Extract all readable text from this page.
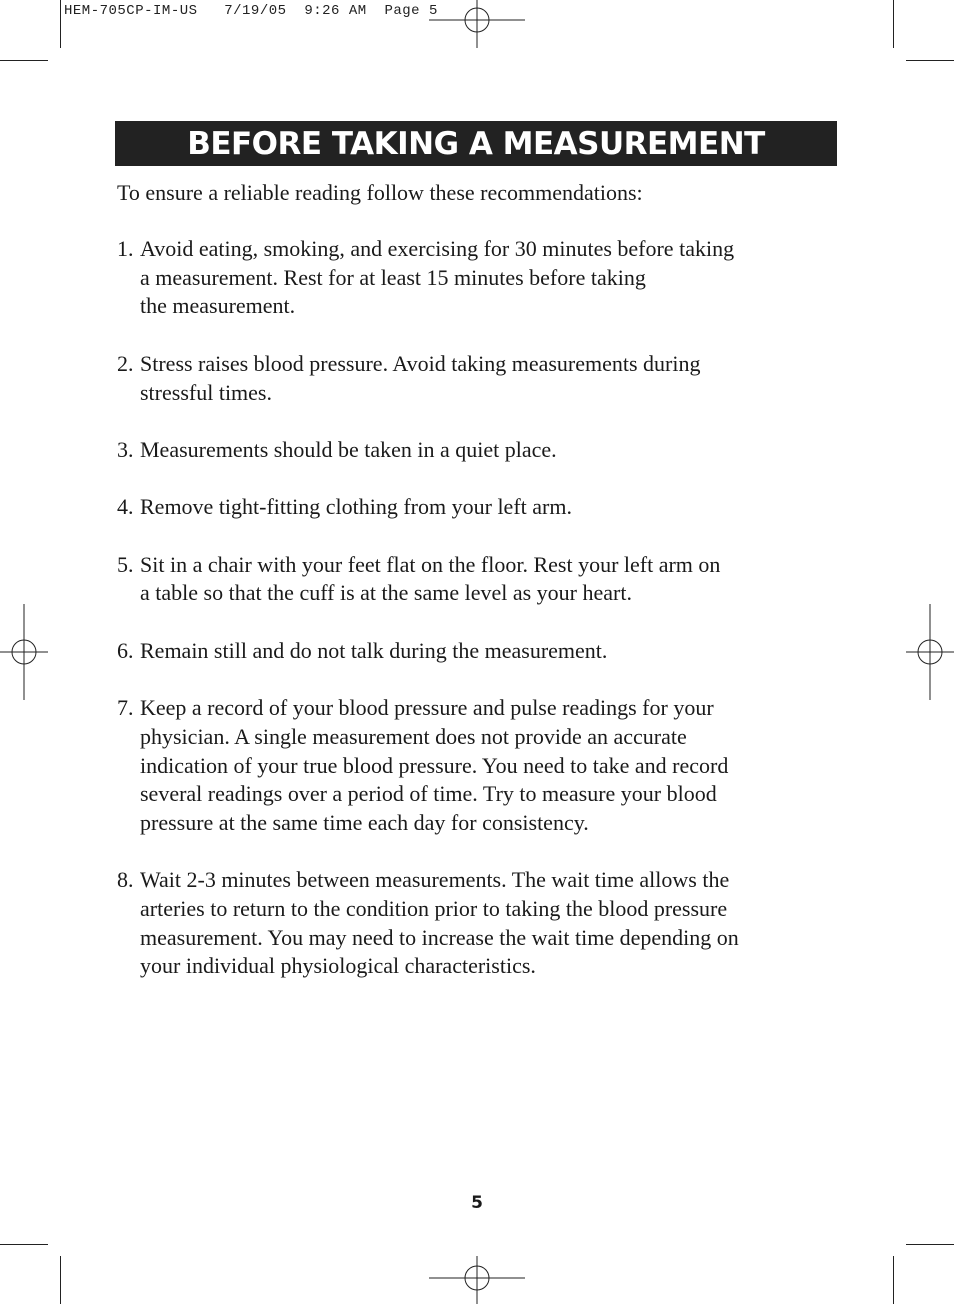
HEM-705CP-IM-US   7/19/05  9:26 AM  Page 5
BEFORE TAKING A MEASUREMENT

To ensure a reliable reading follow these recommendations:

1. Avoid eating, smoking, and exercising for 30 minutes before taking
a measurement. Rest for at least 15 minutes before taking
the measurement.
2. Stress raises blood pressure. Avoid taking measurements during
stressful times.
3. Measurements should be taken in a quiet place.
4. Remove tight-fitting clothing from your left arm.
5. Sit in a chair with your feet flat on the floor. Rest your left arm on
a table so that the cuff is at the same level as your heart.
6. Remain still and do not talk during the measurement.
7. Keep a record of your blood pressure and pulse readings for your
physician. A single measurement does not provide an accurate
indication of your true blood pressure. You need to take and record
several readings over a period of time. Try to measure your blood
pressure at the same time each day for consistency.
8. Wait 2-3 minutes between measurements. The wait time allows the
arteries to return to the condition prior to taking the blood pressure
measurement. You may need to increase the wait time depending on
your individual physiological characteristics.
5
